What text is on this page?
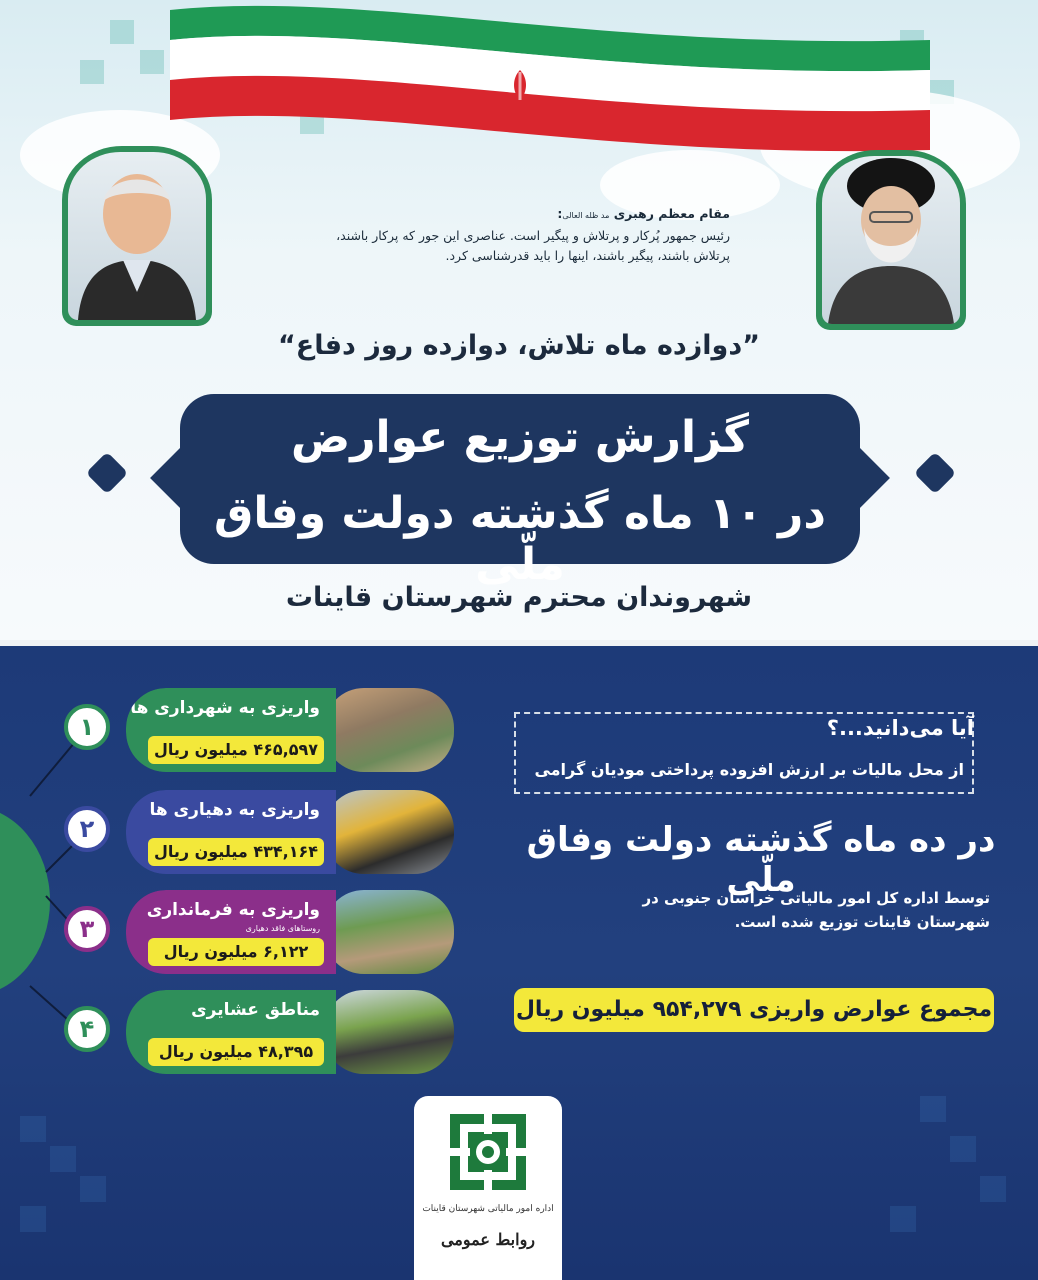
مقام معظم رهبری مد ظله العالی:
رئیس جمهور پُرکار و پرتلاش و پیگیر است. عناصری این جور که پرکار باشند،
پرتلاش باشند، پیگیر باشند، اینها را باید قدرشناسی کرد.
”دوازده ماه تلاش، دوازده روز دفاع“
گزارش توزیع عوارض
در ۱۰ ماه گذشته دولت وفاق ملّی
شهروندان محترم شهرستان قاینات
۱
واریزی به شهرداری ها
۴۶۵,۵۹۷ میلیون ریال
۲
واریزی به دهیاری ها
۴۳۴,۱۶۴ میلیون ریال
۳
واریزی به فرمانداری
روستاهای فاقد دهیاری
۶,۱۲۲ میلیون ریال
۴
مناطق عشایری
۴۸,۳۹۵ میلیون ریال
آیا می‌دانید...؟
از محل مالیات بر ارزش افزوده پرداختی مودیان گرامی
در ده ماه گذشته دولت وفاق ملّی
توسط اداره کل امور مالیاتی خراسان جنوبی در
شهرستان قاینات توزیع شده است.
مجموع عوارض واریزی ۹۵۴,۲۷۹ میلیون ریال
اداره امور مالیاتی شهرستان قاینات
روابط عمومی
